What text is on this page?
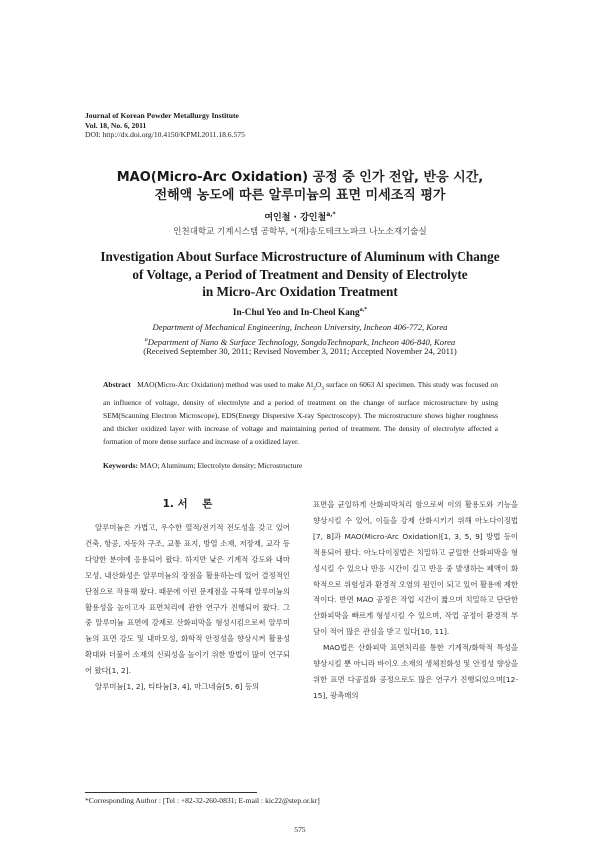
Journal of Korean Powder Metallurgy Institute
Vol. 18, No. 6, 2011
DOI: http://dx.doi.org/10.4150/KPMI.2011.18.6.575
MAO(Micro-Arc Oxidation) 공정 중 인가 전압, 반응 시간,
전해액 농도에 따른 알루미늄의 표면 미세조직 평가
여인철 · 강인철$^{a,*}$
인천대학교 기계시스템 공학부, ᵃ(재)송도테크노파크 나노소재기술실
Investigation About Surface Microstructure of Aluminum with Change
of Voltage, a Period of Treatment and Density of Electrolyte
in Micro-Arc Oxidation Treatment
In-Chul Yeo and In-Cheol Kang$^{a,*}$
Department of Mechanical Engineering, Incheon University, Incheon 406-772, Korea
$^a$Department of Nano & Surface Technology, SongdoTechnopark, Incheon 406-840, Korea
(Received September 30, 2011; Revised November 3, 2011; Accepted November 24, 2011)
Abstract MAO(Micro-Arc Oxidation) method was used to make $Al_2O_3$ surface on 6063 Al specimen. This study was focused on an influence of voltage, density of electrolyte and a period of treatment on the change of surface microstructure by using SEM(Scanning Electron Microscope), EDS(Energy Dispersive X-ray Spectroscopy). The microstructure shows higher roughness and thicker oxidized layer with increase of voltage and maintaining period of treatment. The density of electrolyte affected a formation of more dense surface and increase of a oxidized layer.
Keywords: MAO; Aluminum; Electrolyte density; Microstructure
1. 서    론

알루미늄은 가볍고, 우수한 열적/전기적 전도성을 갖고 있어 건축, 항공, 자동차 구조, 교통 표지, 방열 소재, 저장재, 교각 등 다양한 분야에 응용되어 왔다. 하지만 낮은 기계적 강도와 내마모성, 내산화성은 알루미늄의 장점을 활용하는데 있어 결정적인 단점으로 작용해 왔다. 때문에 이런 문제점을 극복해 알루미늄의 활용성을 높이고자 표면처리에 관한 연구가 진행되어 왔다. 그 중 알루미늄 표면에 강제로 산화피막을 형성시킴으로써 알루미늄의 표면 강도 및 내마모성, 화학적 안정성을 향상시켜 활용성 확대와 더불어 소재의 신뢰성을 높이기 위한 방법이 많이 연구되어 왔다[1, 2].

알루미늄[1, 2], 티타늄[3, 4], 마그네슘[5, 6] 등의

표면을 균일하게 산화피막처리 함으로써 이의 활용도와 기능을 향상시킬 수 있어, 이들을 강제 산화시키기 위해 아노다이징법[7, 8]과 MAO(Micro-Arc Oxidation)[1, 3, 5, 9] 방법 등이 적용되어 왔다. 아노다이징법은 치밀하고 균일한 산화피막을 형성시킬 수 있으나 반응 시간이 길고 반응 중 발생하는 폐액이 화학적으로 위험성과 환경적 오염의 원인이 되고 있어 활용에 제한적이다. 반면 MAO 공정은 작업 시간이 짧으며 치밀하고 단단한 산화피막을 빠르게 형성시킬 수 있으며, 작업 공정이 환경적 부담이 적어 많은 관심을 받고 있다[10, 11].

MAO법은 산화피막 표면처리를 통한 기계적/화학적 특성을 향상시킬 뿐 아니라 바이오 소재의 생체친화성 및 안정성 향상을 위한 표면 다공질화 공정으로도 많은 연구가 진행되었으며[12-15], 광촉매의

*Corresponding Author : [Tel : +82-32-260-0831; E-mail : kic22@step.or.kr]
575
